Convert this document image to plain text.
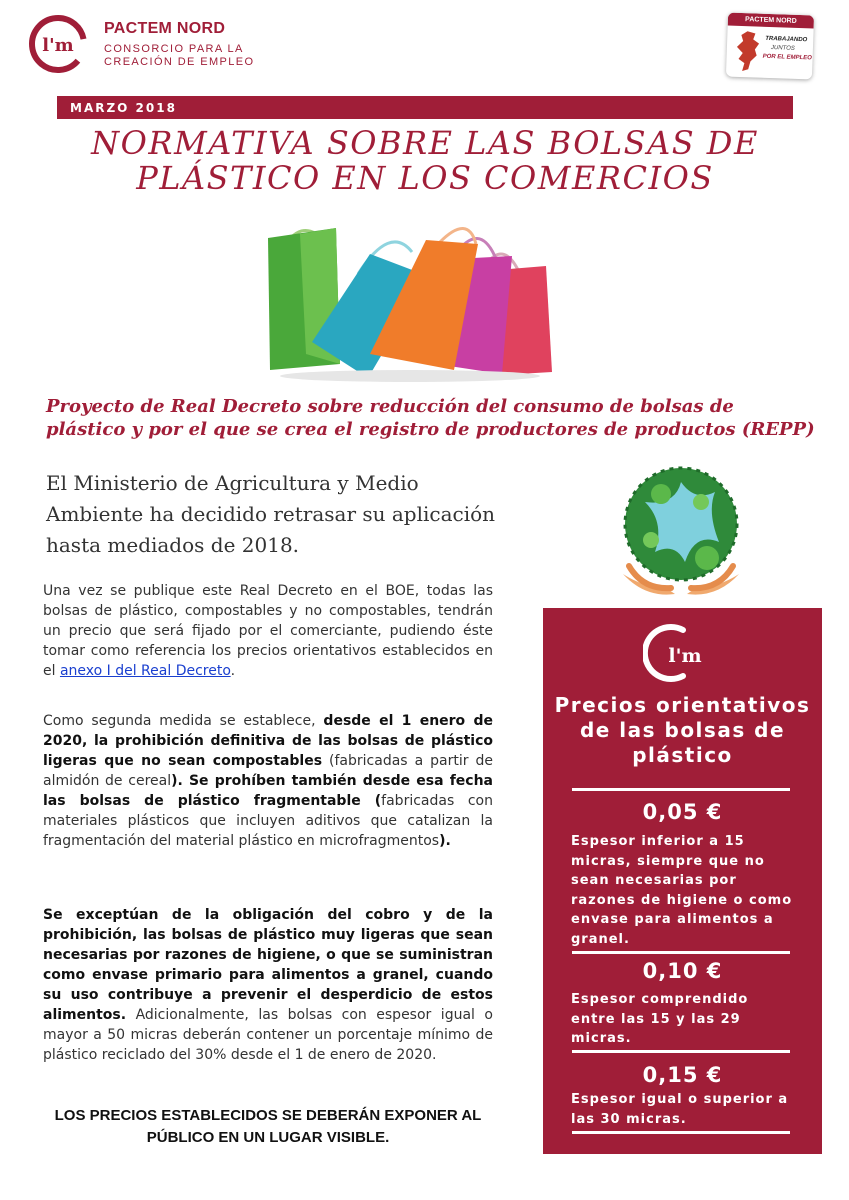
l'm
PACTEM NORD
CONSORCIO PARA LA
CREACIÓN DE EMPLEO
PACTEM NORD
TRABAJANDO
JUNTOS
POR EL EMPLEO
MARZO 2018
NORMATIVA SOBRE LAS BOLSAS DE
PLÁSTICO EN LOS COMERCIOS
Proyecto de Real Decreto sobre reducción del consumo de bolsas de plástico y por el que se crea el registro de productores de productos (REPP)
El Ministerio de Agricultura y Medio Ambiente ha decidido retrasar su aplicación hasta mediados de 2018.

Una vez se publique este Real Decreto en el BOE, todas las bolsas de plástico, compostables y no compostables, tendrán un precio que será fijado por el comerciante, pudiendo éste tomar como referencia los precios orientativos establecidos en el anexo I del Real Decreto.

Como segunda medida se establece, desde el 1 enero de 2020, la prohibición definitiva de las bolsas de plástico ligeras que no sean compostables (fabricadas a partir de almidón de cereal). Se prohíben también desde esa fecha las bolsas de plástico fragmentable (fabricadas con materiales plásticos que incluyen aditivos que catalizan la fragmentación del material plástico en microfragmentos).

Se exceptúan de la obligación del cobro y de la prohibición, las bolsas de plástico muy ligeras que sean necesarias por razones de higiene, o que se suministran como envase primario para alimentos a granel, cuando su uso contribuye a prevenir el desperdicio de estos alimentos. Adicionalmente, las bolsas con espesor igual o mayor a 50 micras deberán contener un porcentaje mínimo de plástico reciclado del 30% desde el 1 de enero de 2020.

LOS PRECIOS ESTABLECIDOS SE DEBERÁN EXPONER AL PÚBLICO EN UN LUGAR VISIBLE.
l'm
Precios orientativos de las bolsas de plástico
0,05 €
Espesor inferior a 15 micras, siempre que no sean necesarias por razones de higiene o como envase para alimentos a granel.
0,10 €
Espesor comprendido entre las 15 y las 29 micras.
0,15 €
Espesor igual o superior a las 30 micras.
